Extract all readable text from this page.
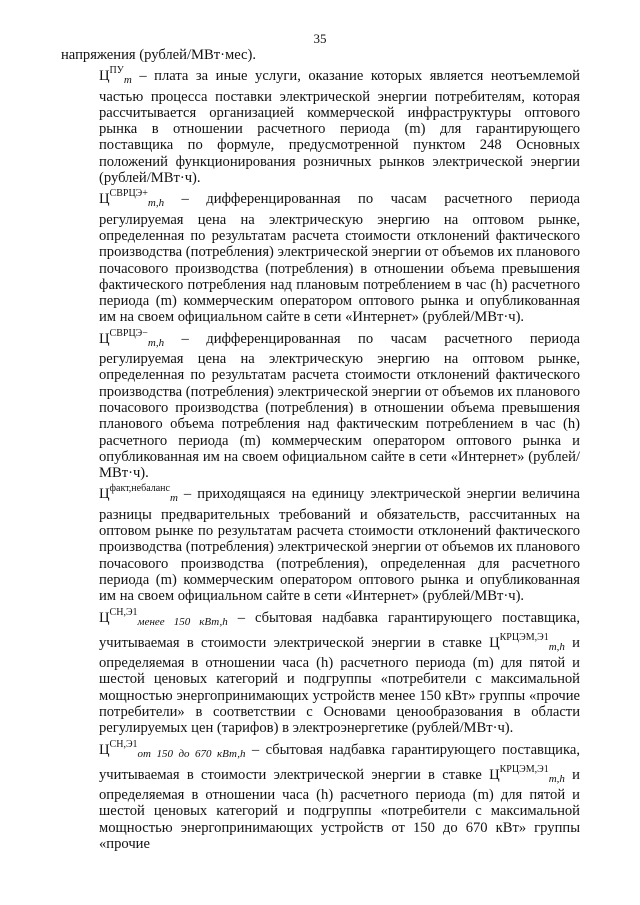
35

напряжения (рублей/МВт·мес).

$Ц^{ПУ}_m$ – плата за иные услуги, оказание которых является неотъемлемой частью процесса поставки электрической энергии потребителям, которая рассчитывается организацией коммерческой инфраструктуры оптового рынка в отношении расчетного периода (m) для гарантирующего поставщика по формуле, предусмотренной пунктом 248 Основных положений функционирования розничных рынков электрической энергии (рублей/МВт·ч).

$Ц^{СВРЦЭ+}_{m,h}$ – дифференцированная по часам расчетного периода регулируемая цена на электрическую энергию на оптовом рынке, определенная по результатам расчета стоимости отклонений фактического производства (потребления) электрической энергии от объемов их планового почасового производства (потребления) в отношении объема превышения фактического потребления над плановым потреблением в час (h) расчетного периода (m) коммерческим оператором оптового рынка и опубликованная им на своем официальном сайте в сети «Интернет» (рублей/МВт·ч).

$Ц^{СВРЦЭ-}_{m,h}$ – дифференцированная по часам расчетного периода регулируемая цена на электрическую энергию на оптовом рынке, определенная по результатам расчета стоимости отклонений фактического производства (потребления) электрической энергии от объемов их планового почасового производства (потребления) в отношении объема превышения планового объема потребления над фактическим потреблением в час (h) расчетного периода (m) коммерческим оператором оптового рынка и опубликованная им на своем официальном сайте в сети «Интернет» (рублей/МВт·ч).

$Ц^{факт,небаланс}_m$ – приходящаяся на единицу электрической энергии величина разницы предварительных требований и обязательств, рассчитанных на оптовом рынке по результатам расчета стоимости отклонений фактического производства (потребления) электрической энергии от объемов их планового почасового производства (потребления), определенная для расчетного периода (m) коммерческим оператором оптового рынка и опубликованная им на своем официальном сайте в сети «Интернет» (рублей/МВт·ч).

$Ц^{СН,Э1}_{менее 150 кВт,h}$ – сбытовая надбавка гарантирующего поставщика, учитываемая в стоимости электрической энергии в ставке $Ц^{КРЦЭМ,Э1}_{m,h}$ и определяемая в отношении часа (h) расчетного периода (m) для пятой и шестой ценовых категорий и подгруппы «потребители с максимальной мощностью энергопринимающих устройств менее 150 кВт» группы «прочие потребители» в соответствии с Основами ценообразования в области регулируемых цен (тарифов) в электроэнергетике (рублей/МВт·ч).

$Ц^{СН,Э1}_{от 150 до 670 кВт,h}$ – сбытовая надбавка гарантирующего поставщика, учитываемая в стоимости электрической энергии в ставке $Ц^{КРЦЭМ,Э1}_{m,h}$ и определяемая в отношении часа (h) расчетного периода (m) для пятой и шестой ценовых категорий и подгруппы «потребители с максимальной мощностью энергопринимающих устройств от 150 до 670 кВт» группы «прочие
